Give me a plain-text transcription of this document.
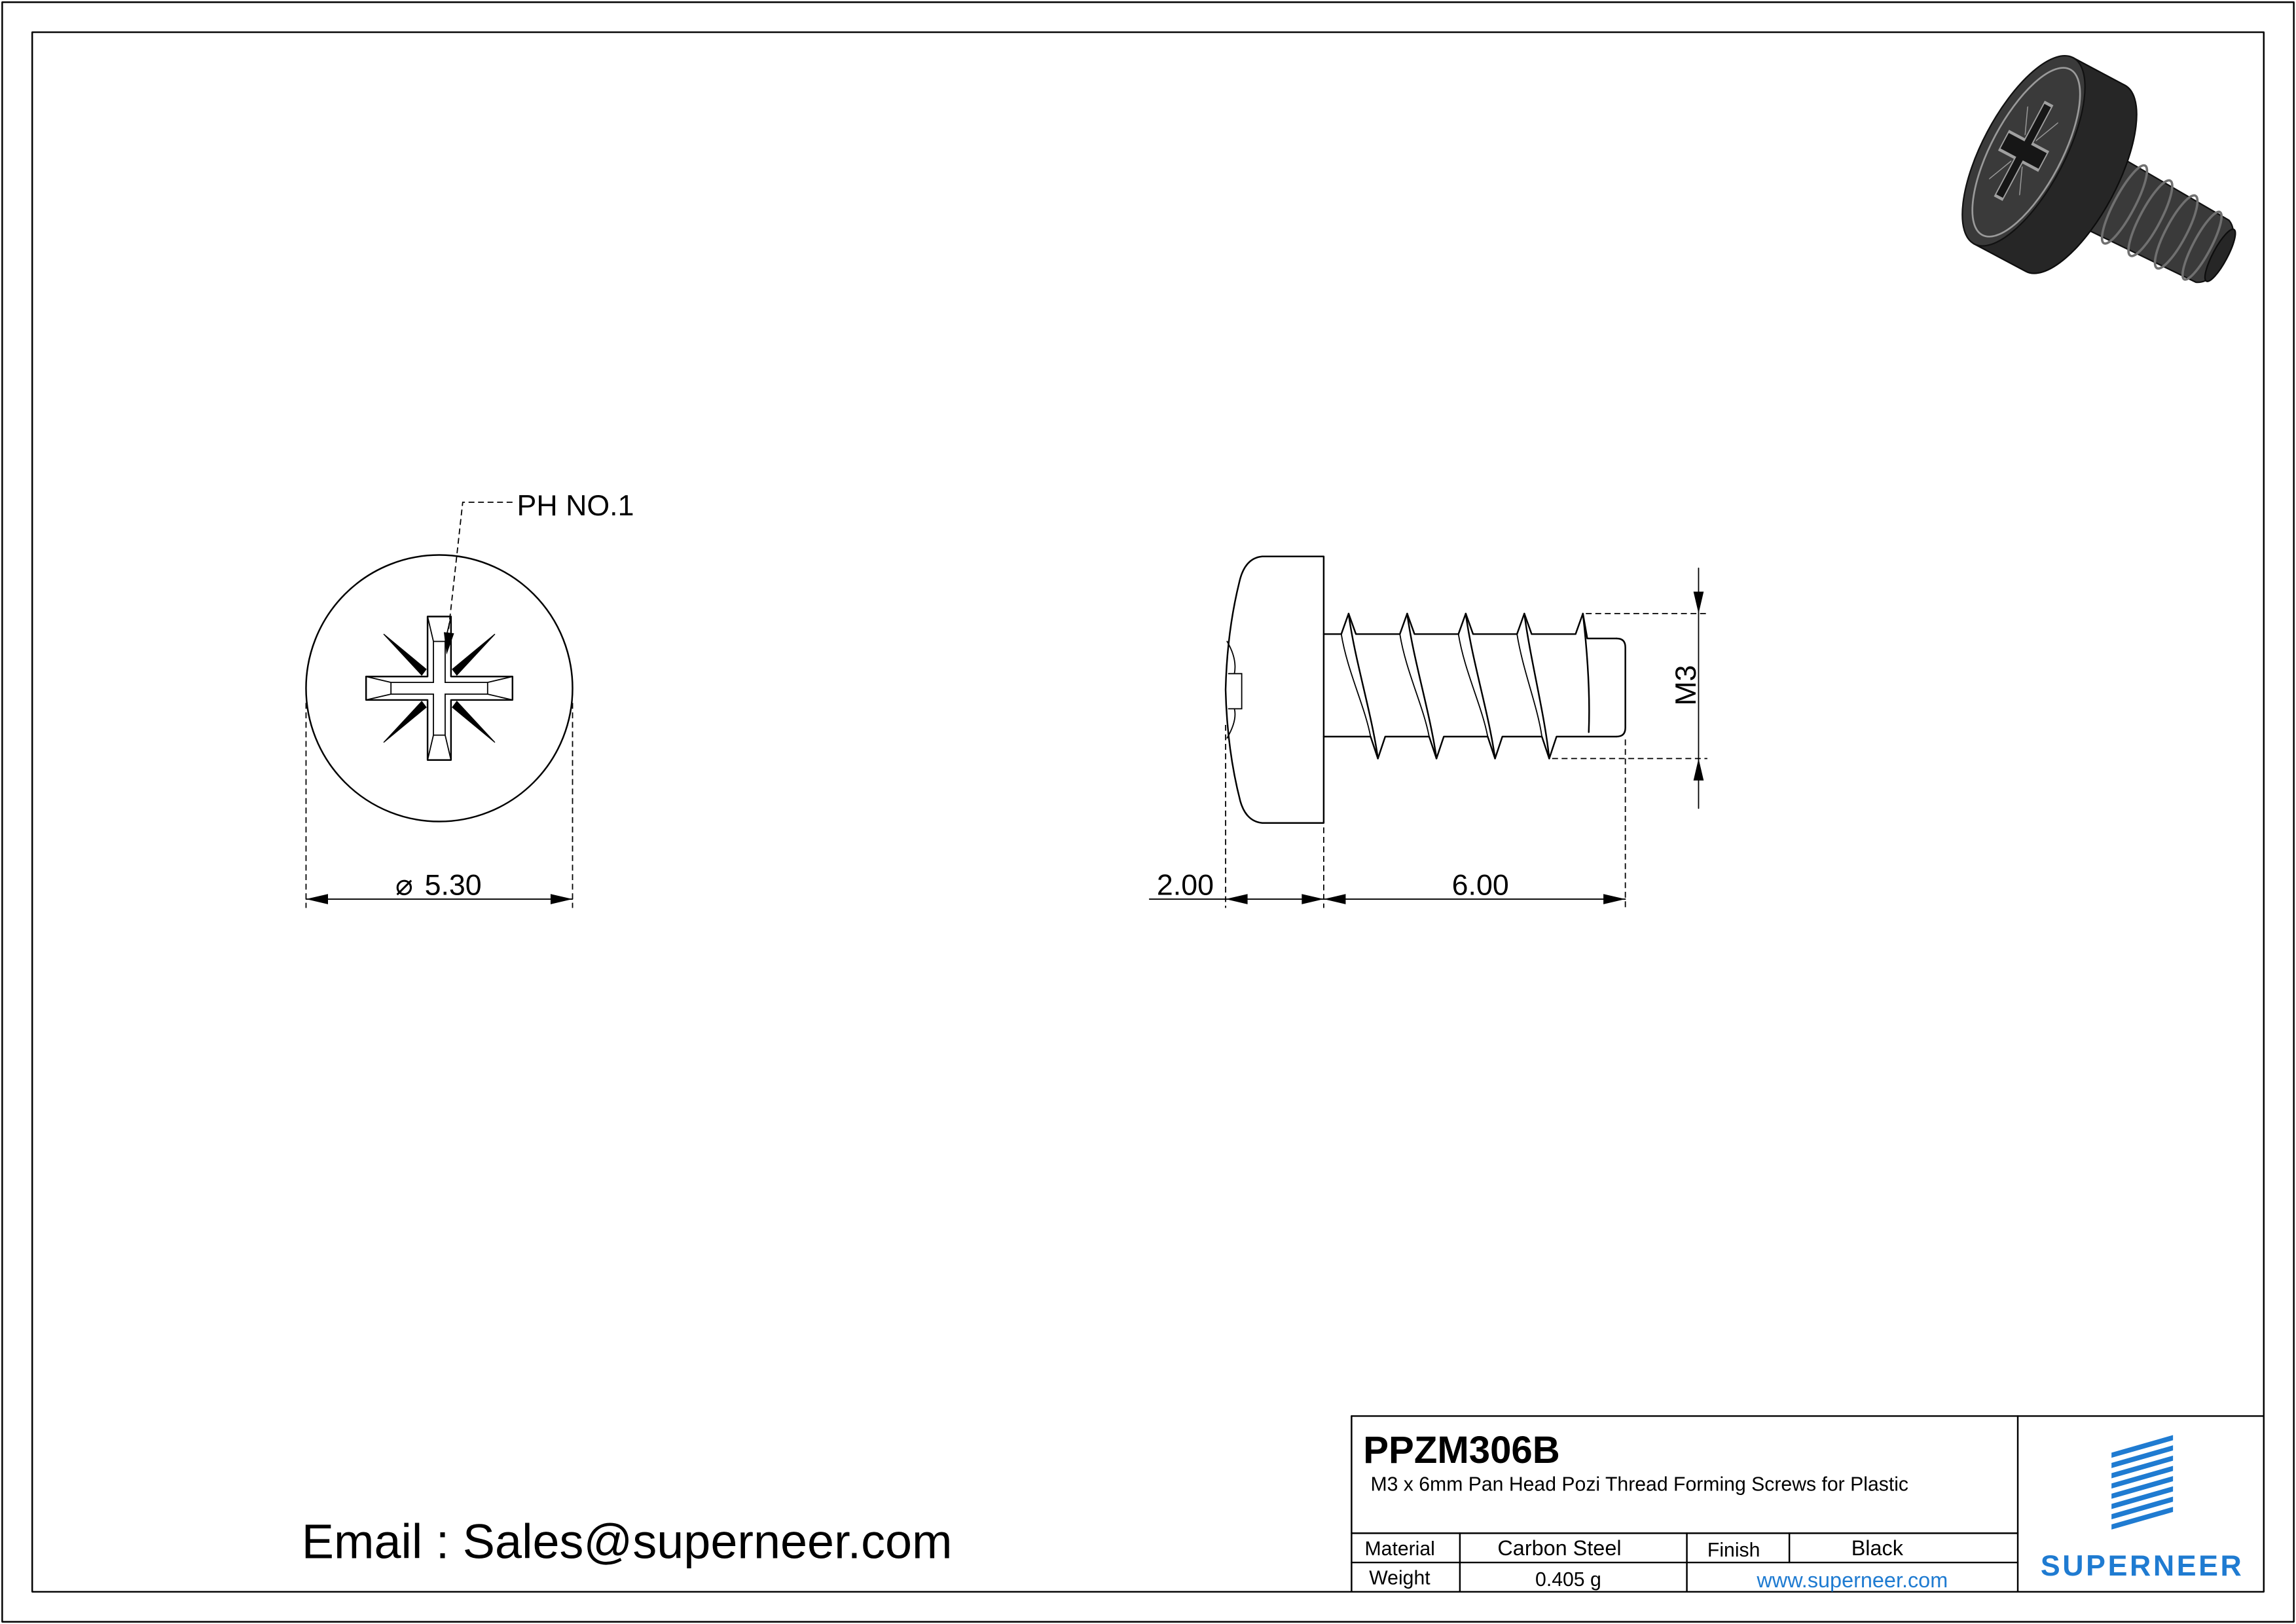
PH NO.1
⌀ 5.30
M3
2.00	6.00
Email : Sales@superneer.com
PPZM306B
M3 x 6mm Pan Head Pozi Thread Forming Screws for Plastic
Material	Carbon Steel	Finish	Black
Weight	0.405 g	www.superneer.com	SUPERNEER
